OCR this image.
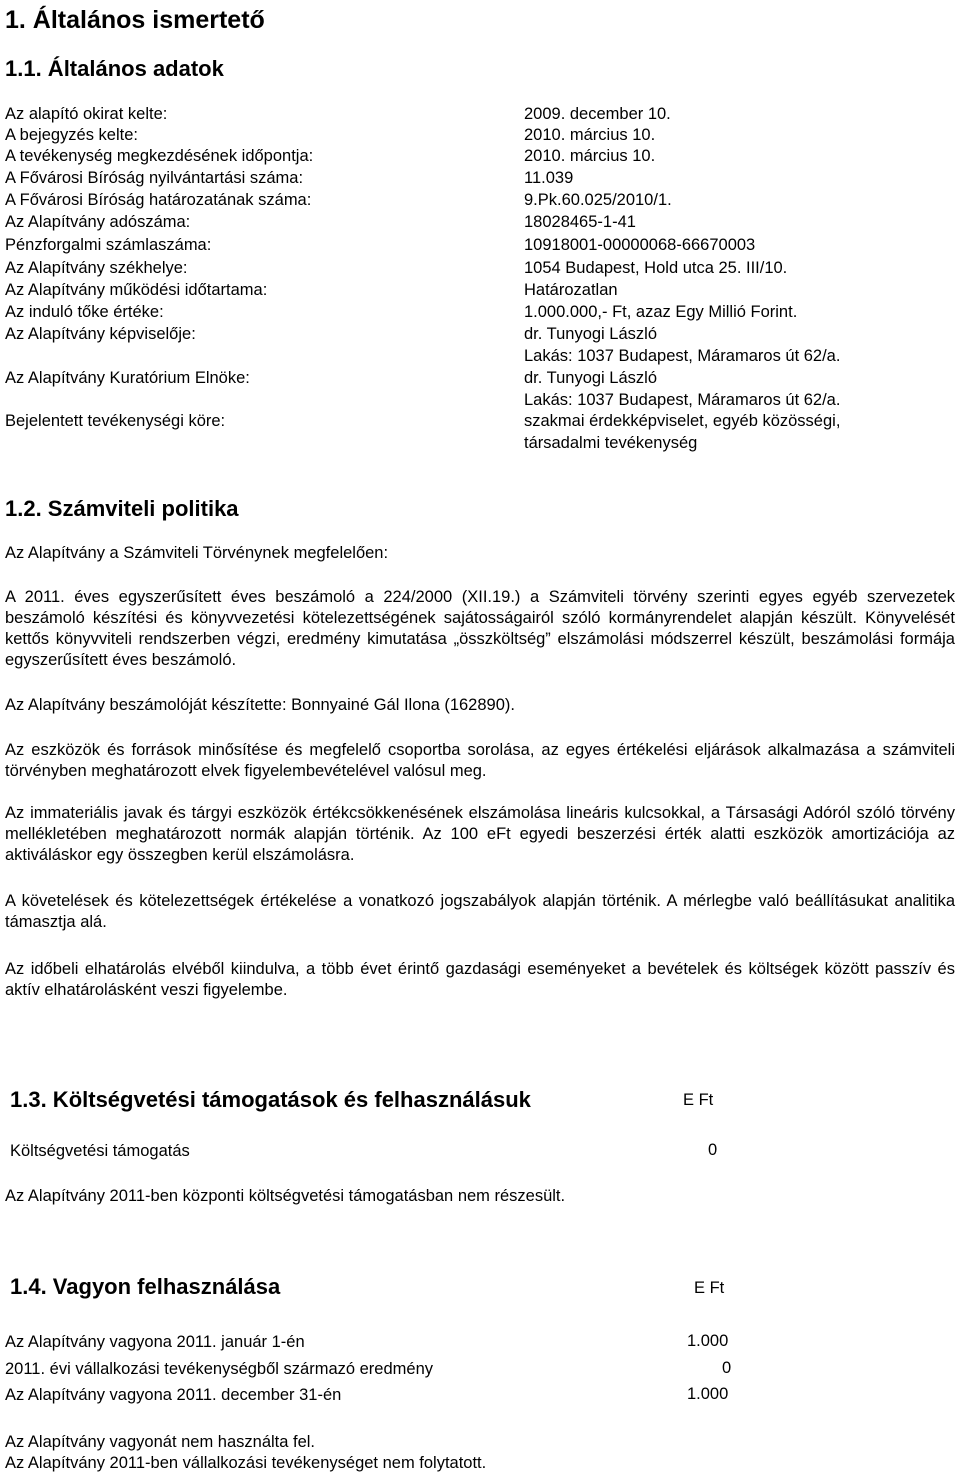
1. Általános ismertető
1.1. Általános adatok
Az alapító okirat kelte:	2009. december 10.
A bejegyzés kelte:	2010. március 10.
A tevékenység megkezdésének időpontja:	2010. március 10.
A Fővárosi Bíróság nyilvántartási száma:	11.039
A Fővárosi Bíróság határozatának száma:	9.Pk.60.025/2010/1.
Az Alapítvány adószáma:	18028465-1-41
Pénzforgalmi számlaszáma:	10918001-00000068-66670003
Az Alapítvány székhelye:	1054 Budapest, Hold utca 25. III/10.
Az Alapítvány működési időtartama:	Határozatlan
Az induló tőke értéke:	1.000.000,- Ft, azaz Egy Millió Forint.
Az Alapítvány képviselője:	dr. Tunyogi László
Lakás: 1037 Budapest, Máramaros út 62/a.
Az Alapítvány Kuratórium Elnöke:	dr. Tunyogi László
Lakás: 1037 Budapest, Máramaros út 62/a.
Bejelentett tevékenységi köre:	szakmai érdekképviselet, egyéb közösségi,
társadalmi tevékenység
1.2. Számviteli politika
Az Alapítvány a Számviteli Törvénynek megfelelően:
A 2011. éves egyszerűsített éves beszámoló a 224/2000 (XII.19.) a Számviteli törvény szerinti egyes egyéb szervezetek beszámoló készítési és könyvvezetési kötelezettségének sajátosságairól szóló kormányrendelet alapján készült. Könyvelését kettős könyvviteli rendszerben végzi, eredmény kimutatása „összköltség” elszámolási módszerrel készült, beszámolási formája egyszerűsített éves beszámoló.
Az Alapítvány beszámolóját készítette: Bonnyainé Gál Ilona (162890).
Az eszközök és források minősítése és megfelelő csoportba sorolása, az egyes értékelési eljárások alkalmazása a számviteli törvényben meghatározott elvek figyelembevételével valósul meg.
Az immateriális javak és tárgyi eszközök értékcsökkenésének elszámolása lineáris kulcsokkal, a Társasági Adóról szóló törvény mellékletében meghatározott normák alapján történik. Az 100 eFt egyedi beszerzési érték alatti eszközök amortizációja az aktiváláskor egy összegben kerül elszámolásra.
A követelések és kötelezettségek értékelése a vonatkozó jogszabályok alapján történik. A mérlegbe való beállításukat analitika támasztja alá.
Az időbeli elhatárolás elvéből kiindulva, a több évet érintő gazdasági eseményeket a bevételek és költségek között passzív és aktív elhatárolásként veszi figyelembe.
1.3. Költségvetési támogatások és felhasználásuk	E Ft
Költségvetési támogatás	0
Az Alapítvány 2011-ben központi költségvetési támogatásban nem részesült.
1.4. Vagyon felhasználása	E Ft
Az Alapítvány vagyona 2011. január 1-én	1.000
2011. évi vállalkozási tevékenységből származó eredmény	0
Az Alapítvány vagyona 2011. december 31-én	1.000
Az Alapítvány vagyonát nem használta fel.
Az Alapítvány 2011-ben vállalkozási tevékenységet nem folytatott.
